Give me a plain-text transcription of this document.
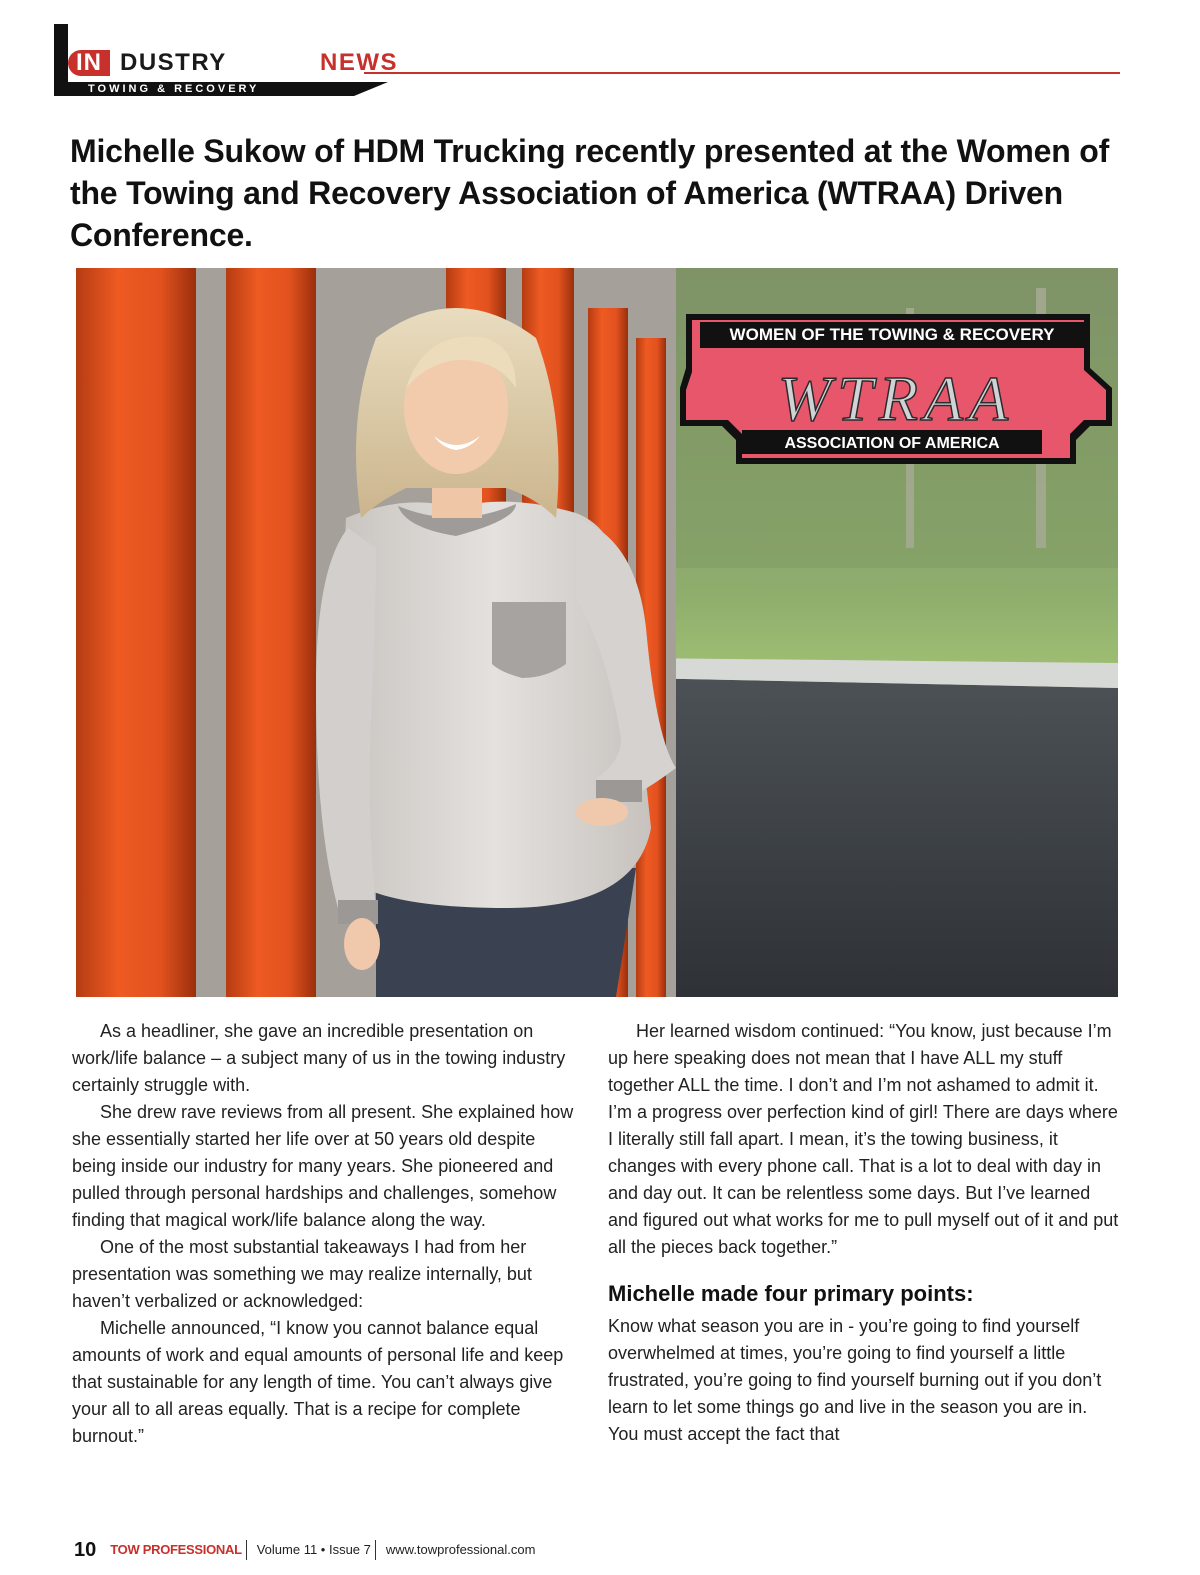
IN DUSTRY	NEWS
TOWING & RECOVERY
Michelle Sukow of HDM Trucking recently presented at the Women of the Towing and Recovery Association of America (WTRAA) Driven Conference.
WOMEN OF THE TOWING & RECOVERY
WTRAA
ASSOCIATION OF AMERICA

As a headliner, she gave an incredible presentation on work/life balance – a subject many of us in the towing industry certainly struggle with.

She drew rave reviews from all present. She explained how she essentially started her life over at 50 years old despite being inside our industry for many years. She pioneered and pulled through personal hardships and challenges, somehow finding that magical work/life balance along the way.

One of the most substantial takeaways I had from her presentation was something we may realize internally, but haven’t verbalized or acknowledged:

Michelle announced, “I know you cannot balance equal amounts of work and equal amounts of personal life and keep that sustainable for any length of time. You can’t always give your all to all areas equally. That is a recipe for complete burnout.”

Her learned wisdom continued: “You know, just because I’m up here speaking does not mean that I have ALL my stuff together ALL the time. I don’t and I’m not ashamed to admit it. I’m a progress over perfection kind of girl! There are days where I literally still fall apart. I mean, it’s the towing business, it changes with every phone call. That is a lot to deal with day in and day out. It can be relentless some days. But I’ve learned and figured out what works for me to pull myself out of it and put all the pieces back together.”

Michelle made four primary points:

Know what season you are in - you’re going to find yourself overwhelmed at times, you’re going to find yourself a little frustrated, you’re going to find yourself burning out if you don’t learn to let some things go and live in the season you are in. You must accept the fact that

10 TOW PROFESSIONAL Volume 11 • Issue 7 www.towprofessional.com
